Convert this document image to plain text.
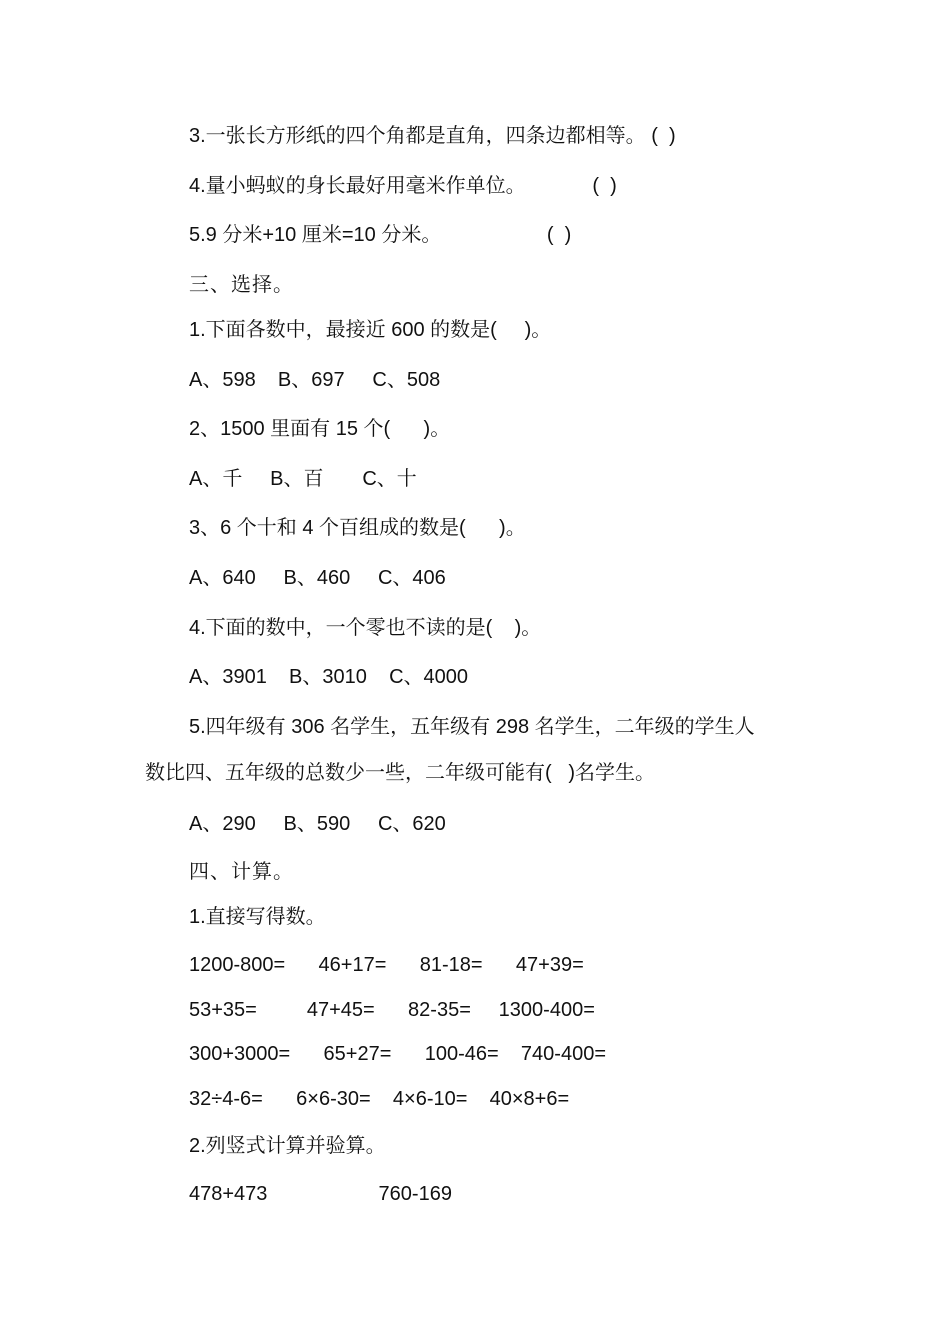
3.一张长方形纸的四个角都是直角，四条边都相等。 (  )

4.量小蚂蚁的身长最好用毫米作单位。            (  )

5.9 分米+10 厘米=10 分米。                   (  )

三、选择。

1.下面各数中，最接近 600 的数是(     )。

A、598    B、697     C、508

2、1500 里面有 15 个(      )。

A、千     B、百       C、十

3、6 个十和 4 个百组成的数是(      )。

A、640     B、460     C、406

4.下面的数中，一个零也不读的是(    )。

A、3901    B、3010    C、4000

5.四年级有 306 名学生，五年级有 298 名学生，二年级的学生人

数比四、五年级的总数少一些，二年级可能有(   )名学生。

A、290     B、590     C、620

四、计算。

1.直接写得数。

1200-800=      46+17=      81-18=      47+39=

53+35=         47+45=      82-35=     1300-400=

300+3000=      65+27=      100-46=    740-400=

32÷4-6=      6×6-30=    4×6-10=    40×8+6=

2.列竖式计算并验算。

478+473                    760-169
